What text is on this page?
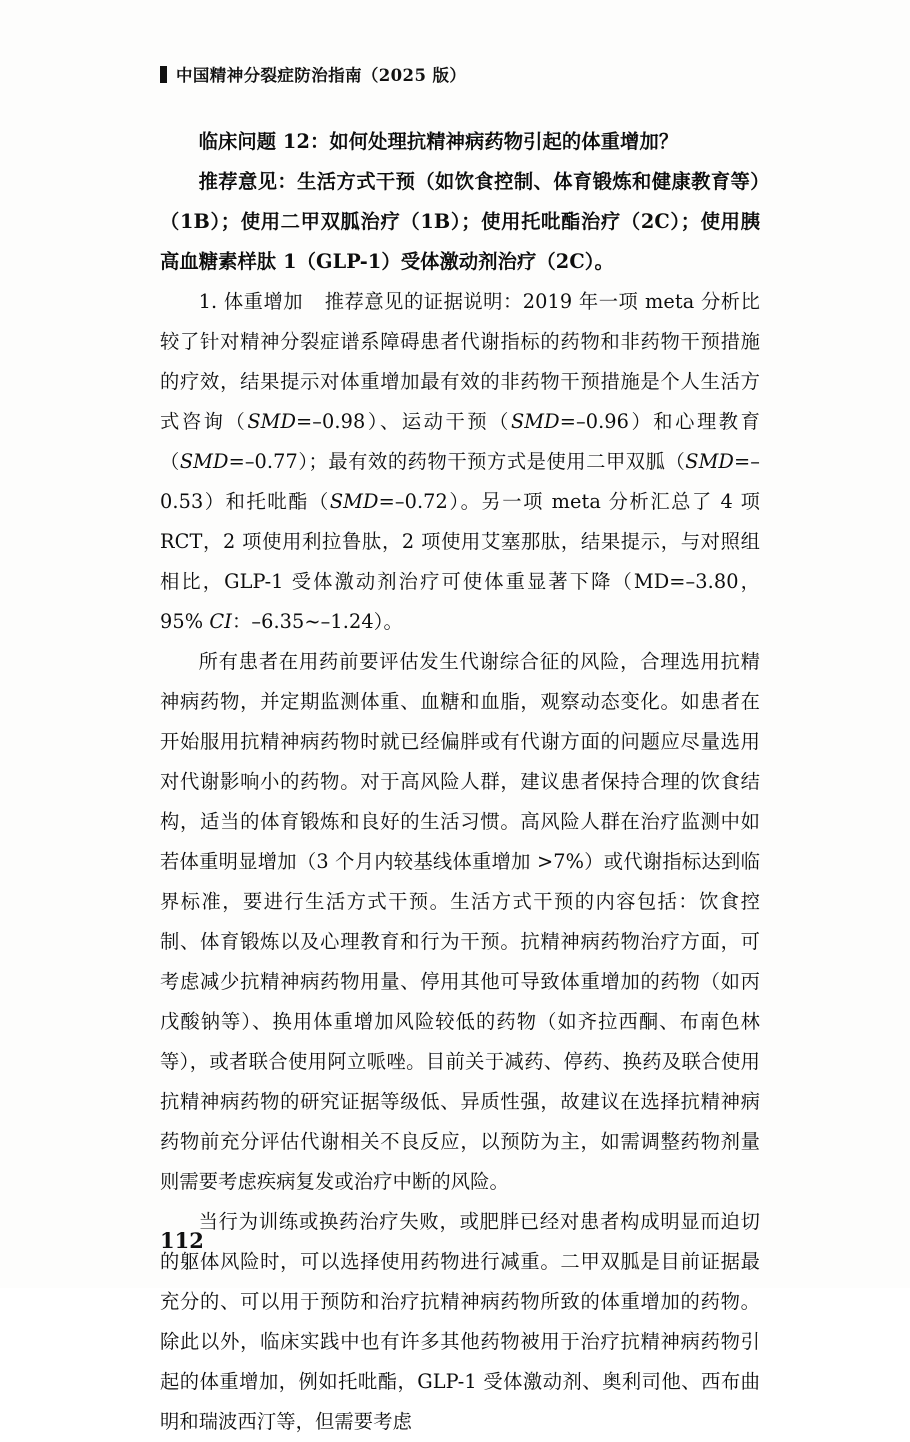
中国精神分裂症防治指南（2025 版）

临床问题 12：如何处理抗精神病药物引起的体重增加？

推荐意见：生活方式干预（如饮食控制、体育锻炼和健康教育等）（1B）；使用二甲双胍治疗（1B）；使用托吡酯治疗（2C）；使用胰高血糖素样肽 1（GLP-1）受体激动剂治疗（2C）。

1. 体重增加 推荐意见的证据说明：2019 年一项 meta 分析比较了针对精神分裂症谱系障碍患者代谢指标的药物和非药物干预措施的疗效，结果提示对体重增加最有效的非药物干预措施是个人生活方式咨询（SMD=–0.98）、运动干预（SMD=–0.96）和心理教育（SMD=–0.77）；最有效的药物干预方式是使用二甲双胍（SMD=–0.53）和托吡酯（SMD=–0.72）。另一项 meta 分析汇总了 4 项 RCT，2 项使用利拉鲁肽，2 项使用艾塞那肽，结果提示，与对照组相比，GLP-1 受体激动剂治疗可使体重显著下降（MD=–3.80，95% CI：–6.35~–1.24）。

所有患者在用药前要评估发生代谢综合征的风险，合理选用抗精神病药物，并定期监测体重、血糖和血脂，观察动态变化。如患者在开始服用抗精神病药物时就已经偏胖或有代谢方面的问题应尽量选用对代谢影响小的药物。对于高风险人群，建议患者保持合理的饮食结构，适当的体育锻炼和良好的生活习惯。高风险人群在治疗监测中如若体重明显增加（3 个月内较基线体重增加 >7%）或代谢指标达到临界标准，要进行生活方式干预。生活方式干预的内容包括：饮食控制、体育锻炼以及心理教育和行为干预。抗精神病药物治疗方面，可考虑减少抗精神病药物用量、停用其他可导致体重增加的药物（如丙戊酸钠等）、换用体重增加风险较低的药物（如齐拉西酮、布南色林等），或者联合使用阿立哌唑。目前关于减药、停药、换药及联合使用抗精神病药物的研究证据等级低、异质性强，故建议在选择抗精神病药物前充分评估代谢相关不良反应，以预防为主，如需调整药物剂量则需要考虑疾病复发或治疗中断的风险。

当行为训练或换药治疗失败，或肥胖已经对患者构成明显而迫切的躯体风险时，可以选择使用药物进行减重。二甲双胍是目前证据最充分的、可以用于预防和治疗抗精神病药物所致的体重增加的药物。除此以外，临床实践中也有许多其他药物被用于治疗抗精神病药物引起的体重增加，例如托吡酯，GLP-1 受体激动剂、奥利司他、西布曲明和瑞波西汀等，但需要考虑

112
